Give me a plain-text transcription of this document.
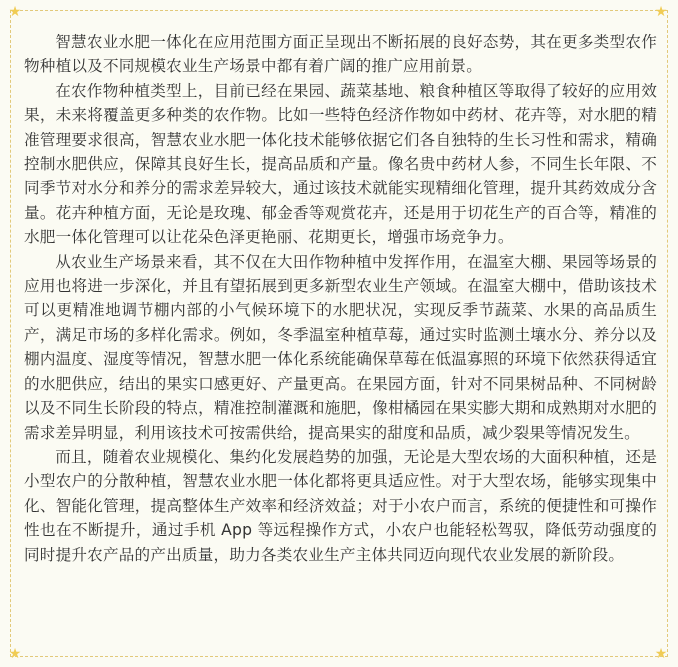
★	★
★	★

智慧农业水肥一体化在应用范围方面正呈现出不断拓展的良好态势，其在更多类型农作物种植以及不同规模农业生产场景中都有着广阔的推广应用前景。

在农作物种植类型上，目前已经在果园、蔬菜基地、粮食种植区等取得了较好的应用效果，未来将覆盖更多种类的农作物。比如一些特色经济作物如中药材、花卉等，对水肥的精准管理要求很高，智慧农业水肥一体化技术能够依据它们各自独特的生长习性和需求，精确控制水肥供应，保障其良好生长，提高品质和产量。像名贵中药材人参，不同生长年限、不同季节对水分和养分的需求差异较大，通过该技术就能实现精细化管理，提升其药效成分含量。花卉种植方面，无论是玫瑰、郁金香等观赏花卉，还是用于切花生产的百合等，精准的水肥一体化管理可以让花朵色泽更艳丽、花期更长，增强市场竞争力。

从农业生产场景来看，其不仅在大田作物种植中发挥作用，在温室大棚、果园等场景的应用也将进一步深化，并且有望拓展到更多新型农业生产领域。在温室大棚中，借助该技术可以更精准地调节棚内部的小气候环境下的水肥状况，实现反季节蔬菜、水果的高品质生产，满足市场的多样化需求。例如，冬季温室种植草莓，通过实时监测土壤水分、养分以及棚内温度、湿度等情况，智慧水肥一体化系统能确保草莓在低温寡照的环境下依然获得适宜的水肥供应，结出的果实口感更好、产量更高。在果园方面，针对不同果树品种、不同树龄以及不同生长阶段的特点，精准控制灌溉和施肥，像柑橘园在果实膨大期和成熟期对水肥的需求差异明显，利用该技术可按需供给，提高果实的甜度和品质，减少裂果等情况发生。

而且，随着农业规模化、集约化发展趋势的加强，无论是大型农场的大面积种植，还是小型农户的分散种植，智慧农业水肥一体化都将更具适应性。对于大型农场，能够实现集中化、智能化管理，提高整体生产效率和经济效益；对于小农户而言，系统的便捷性和可操作性也在不断提升，通过手机 App 等远程操作方式，小农户也能轻松驾驭，降低劳动强度的同时提升农产品的产出质量，助力各类农业生产主体共同迈向现代农业发展的新阶段。
